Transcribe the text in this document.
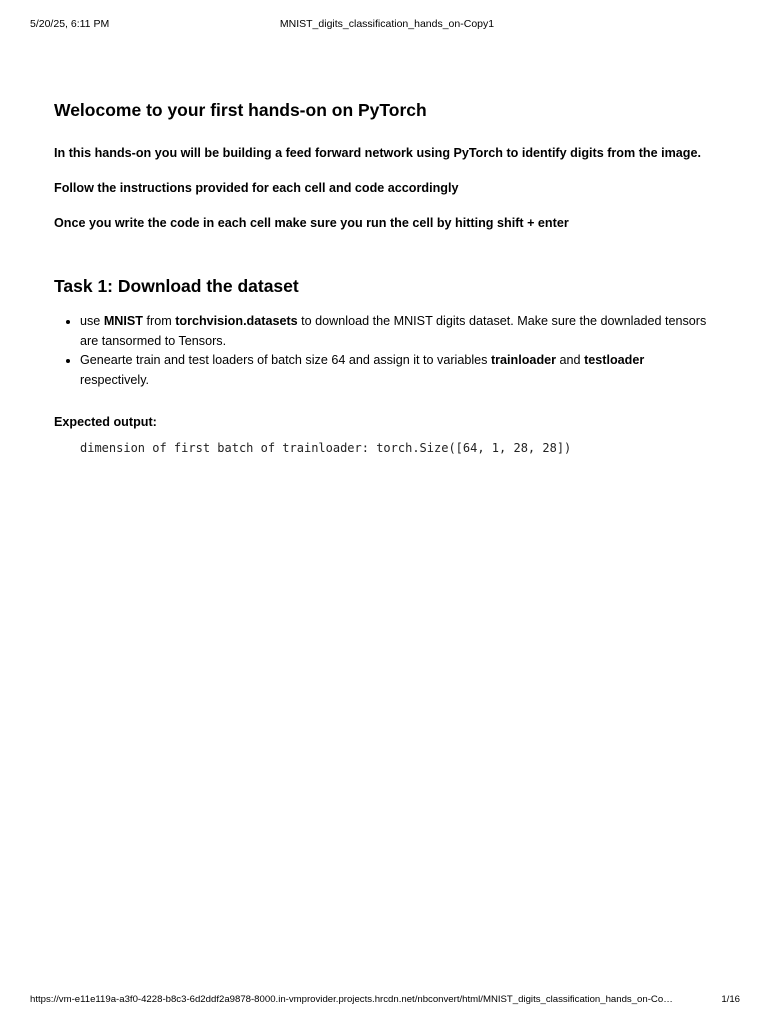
5/20/25, 6:11 PM	MNIST_digits_classification_hands_on-Copy1
Welocome to your first hands-on on PyTorch

In this hands-on you will be building a feed forward network using PyTorch to identify digits from the image.

Follow the instructions provided for each cell and code accordingly

Once you write the code in each cell make sure you run the cell by hitting shift + enter

Task 1: Download the dataset
• use MNIST from torchvision.datasets to download the MNIST digits dataset. Make sure the downladed tensors are tansormed to Tensors.
• Genearte train and test loaders of batch size 64 and assign it to variables trainloader and testloader respectively.

Expected output:

dimension of first batch of trainloader: torch.Size([64, 1, 28, 28])
https://vm-e11e119a-a3f0-4228-b8c3-6d2ddf2a9878-8000.in-vmprovider.projects.hrcdn.net/nbconvert/html/MNIST_digits_classification_hands_on-Co…	1/16
